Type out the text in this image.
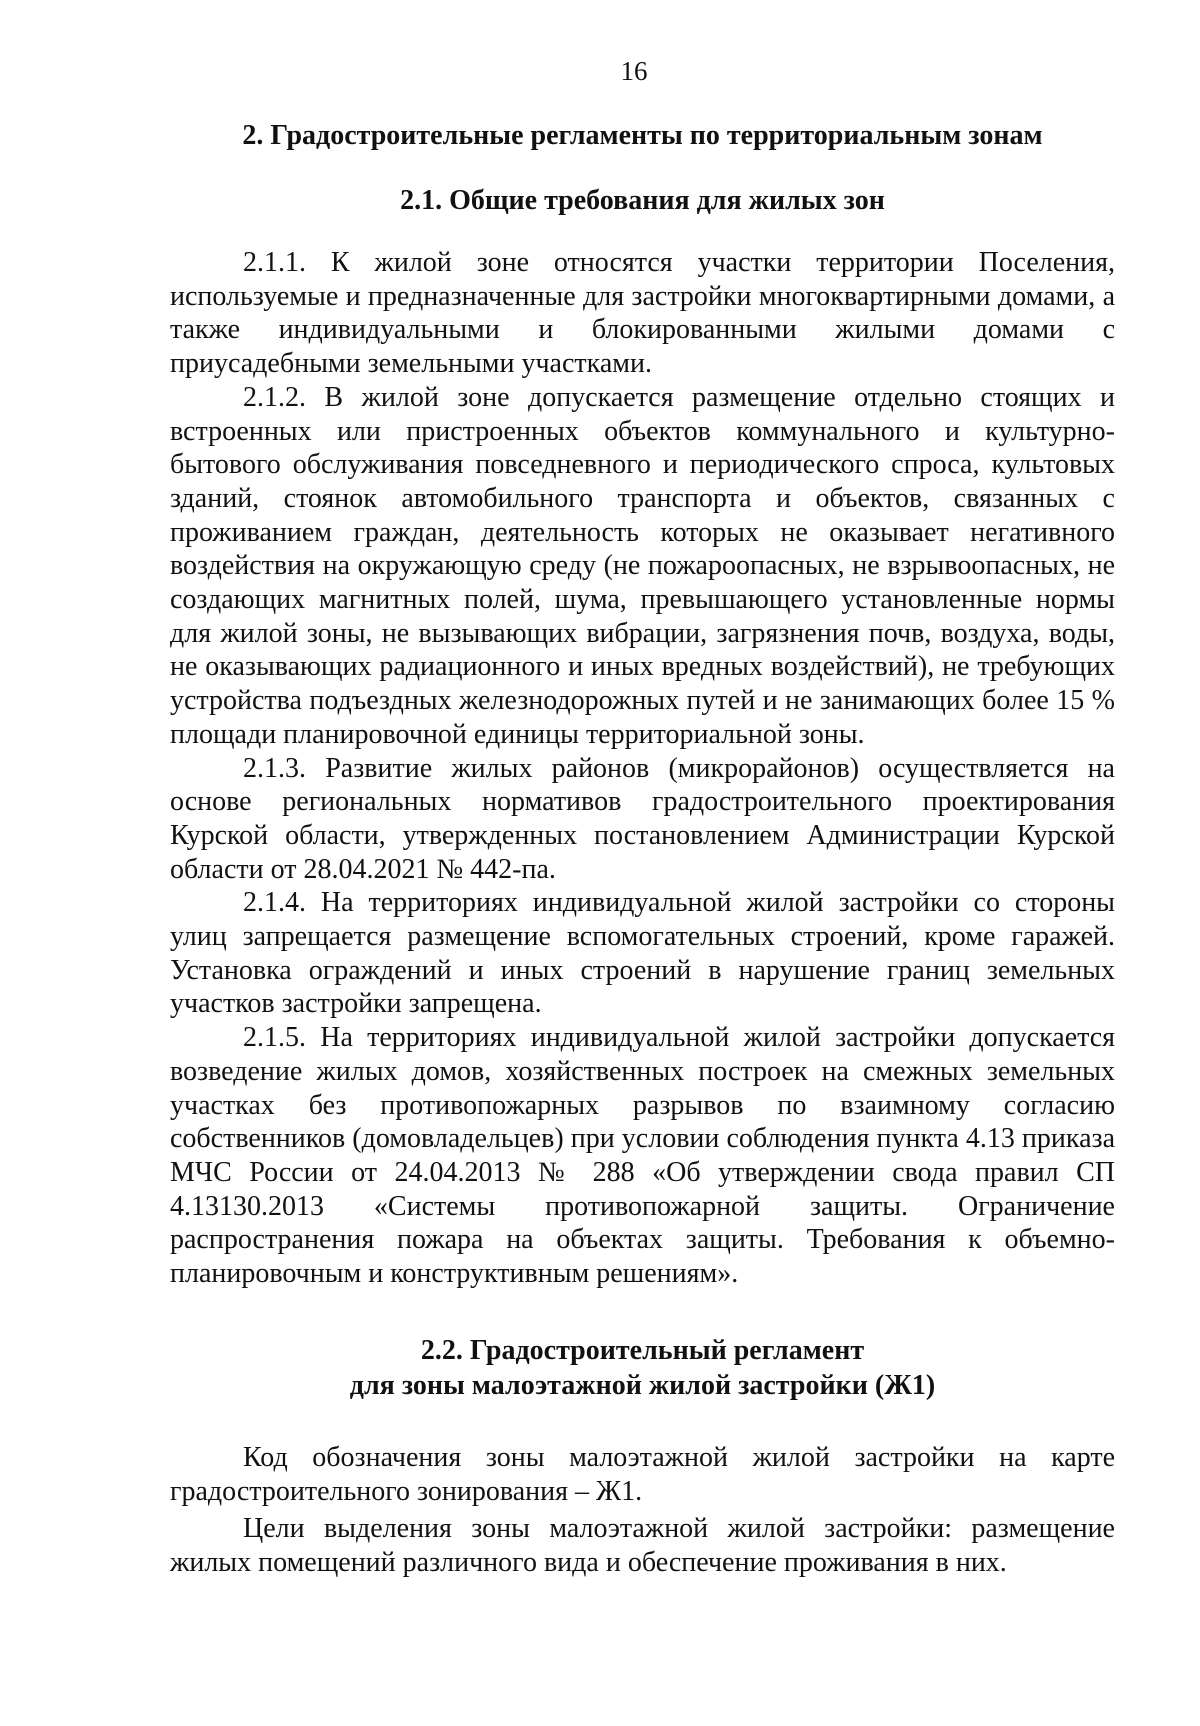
16
2. Градостроительные регламенты по территориальным зонам
2.1. Общие требования для жилых зон

2.1.1. К жилой зоне относятся участки территории Поселения, используемые и предназначенные для застройки многоквартирными домами, а также индивидуальными и блокированными жилыми домами с приусадебными земельными участками.

2.1.2. В жилой зоне допускается размещение отдельно стоящих и встроенных или пристроенных объектов коммунального и культурно-бытового обслуживания повседневного и периодического спроса, культовых зданий, стоянок автомобильного транспорта и объектов, связанных с проживанием граждан, деятельность которых не оказывает негативного воздействия на окружающую среду (не пожароопасных, не взрывоопасных, не создающих магнитных полей, шума, превышающего установленные нормы для жилой зоны, не вызывающих вибрации, загрязнения почв, воздуха, воды, не оказывающих радиационного и иных вредных воздействий), не требующих устройства подъездных железнодорожных путей и не занимающих более 15 % площади планировочной единицы территориальной зоны.

2.1.3. Развитие жилых районов (микрорайонов) осуществляется на основе региональных нормативов градостроительного проектирования Курской области, утвержденных постановлением Администрации Курской области от 28.04.2021 № 442-па.

2.1.4. На территориях индивидуальной жилой застройки со стороны улиц запрещается размещение вспомогательных строений, кроме гаражей. Установка ограждений и иных строений в нарушение границ земельных участков застройки запрещена.

2.1.5. На территориях индивидуальной жилой застройки допускается возведение жилых домов, хозяйственных построек на смежных земельных участках без противопожарных разрывов по взаимному согласию собственников (домовладельцев) при условии соблюдения пункта 4.13 приказа МЧС России от 24.04.2013 № 288 «Об утверждении свода правил СП 4.13130.2013 «Системы противопожарной защиты. Ограничение распространения пожара на объектах защиты. Требования к объемно-планировочным и конструктивным решениям».

2.2. Градостроительный регламент
для зоны малоэтажной жилой застройки (Ж1)

Код обозначения зоны малоэтажной жилой застройки на карте градостроительного зонирования – Ж1.

Цели выделения зоны малоэтажной жилой застройки: размещение жилых помещений различного вида и обеспечение проживания в них.
